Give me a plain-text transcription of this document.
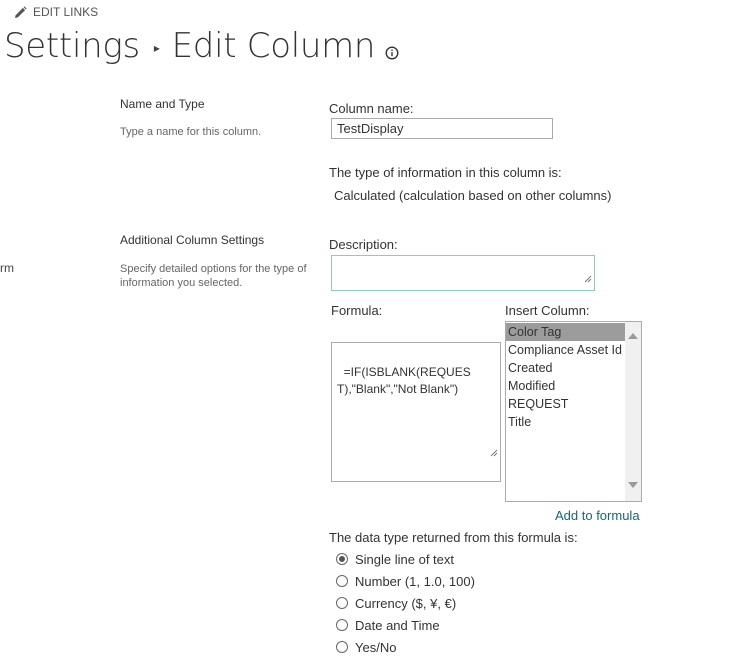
EDIT LINKS
Settings ▸ Edit Column
rm
Name and Type
Type a name for this column.
Column name:
TestDisplay
The type of information in this column is:
Calculated (calculation based on other columns)
Additional Column Settings
Specify detailed options for the type of information you selected.
Description:
Formula:

=IF(ISBLANK(REQUEST),"Blank","Not Blank")

Insert Column:
Color Tag
Compliance Asset Id
Created
Modified
REQUEST
Title
Add to formula
The data type returned from this formula is:
Single line of text
Number (1, 1.0, 100)
Currency ($, ¥, €)
Date and Time
Yes/No
